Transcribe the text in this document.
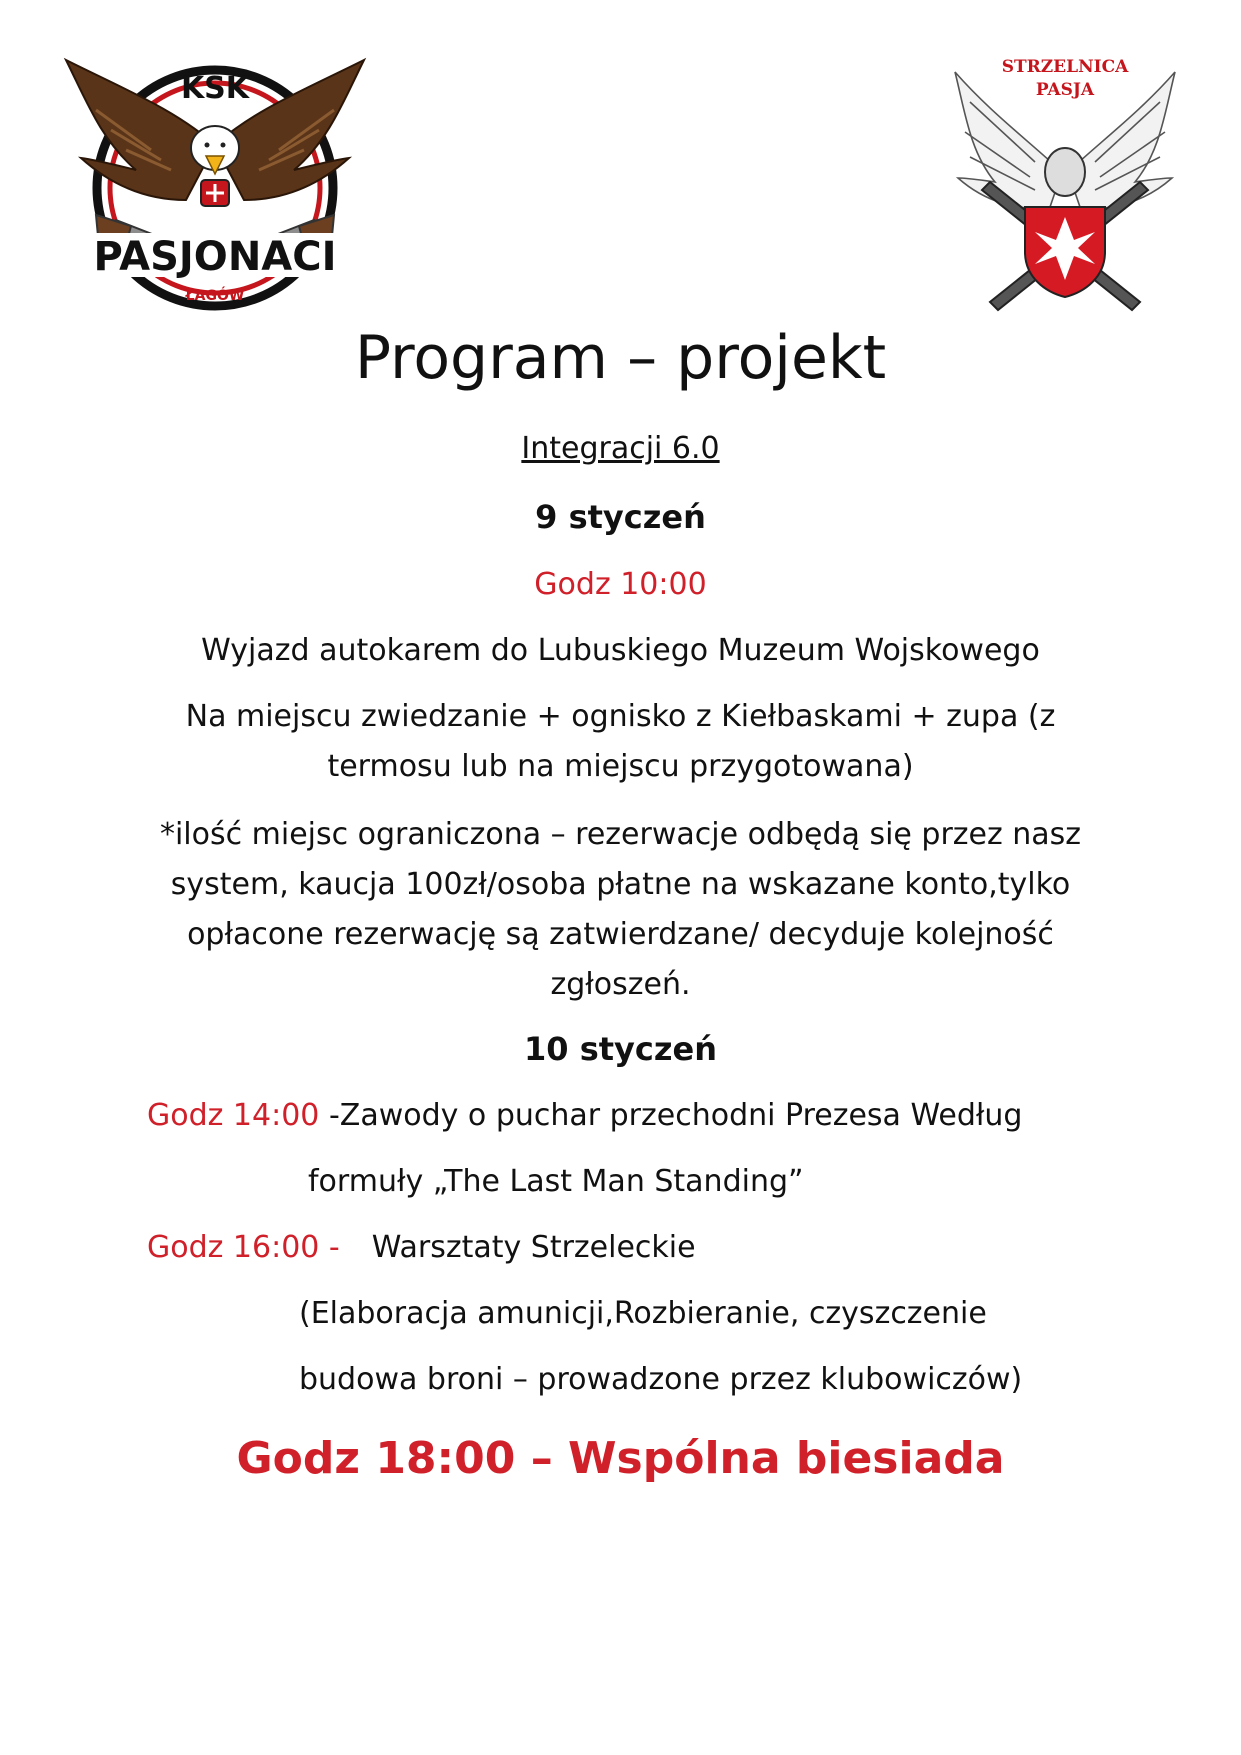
KSK
PASJONACI
ŁAGÓW
STRZELNICA
PASJA
Program – projekt
Integracji 6.0
9 styczeń
Godz 10:00
Wyjazd autokarem do Lubuskiego Muzeum Wojskowego
Na miejscu zwiedzanie + ognisko z Kiełbaskami + zupa (z termosu lub na miejscu przygotowana)
*ilość miejsc ograniczona – rezerwacje odbędą się przez nasz system, kaucja 100zł/osoba płatne na wskazane konto,tylko opłacone rezerwację są zatwierdzane/ decyduje kolejność zgłoszeń.
10 styczeń
Godz 14:00 -Zawody o puchar przechodni Prezesa Według
formuły „The Last Man Standing”
Godz 16:00 - Warsztaty Strzeleckie
(Elaboracja amunicji,Rozbieranie, czyszczenie
budowa broni – prowadzone przez klubowiczów)
Godz 18:00 – Wspólna biesiada
